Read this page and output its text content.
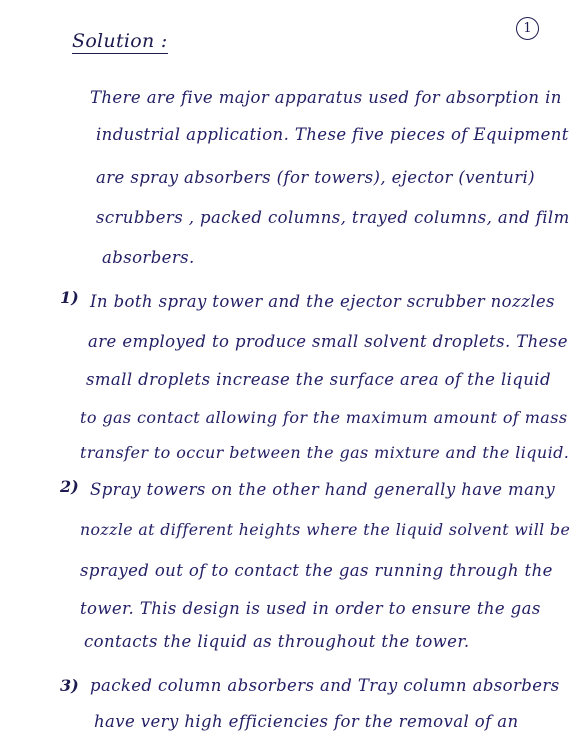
Solution :
1
There are five major apparatus used for absorption in
industrial application. These five pieces of Equipment
are spray absorbers (for towers), ejector (venturi)
scrubbers , packed columns, trayed columns, and film
absorbers.
1) In both spray tower and the ejector scrubber nozzles
are employed to produce small solvent droplets. These
small droplets increase the surface area of the liquid
to gas contact allowing for the maximum amount of mass
transfer to occur between the gas mixture and the liquid.
2) Spray towers on the other hand generally have many
nozzle at different heights where the liquid solvent will be
sprayed out of to contact the gas running through the
tower. This design is used in order to ensure the gas
contacts the liquid as throughout the tower.
3) packed column absorbers and Tray column absorbers
have very high efficiencies for the removal of an
